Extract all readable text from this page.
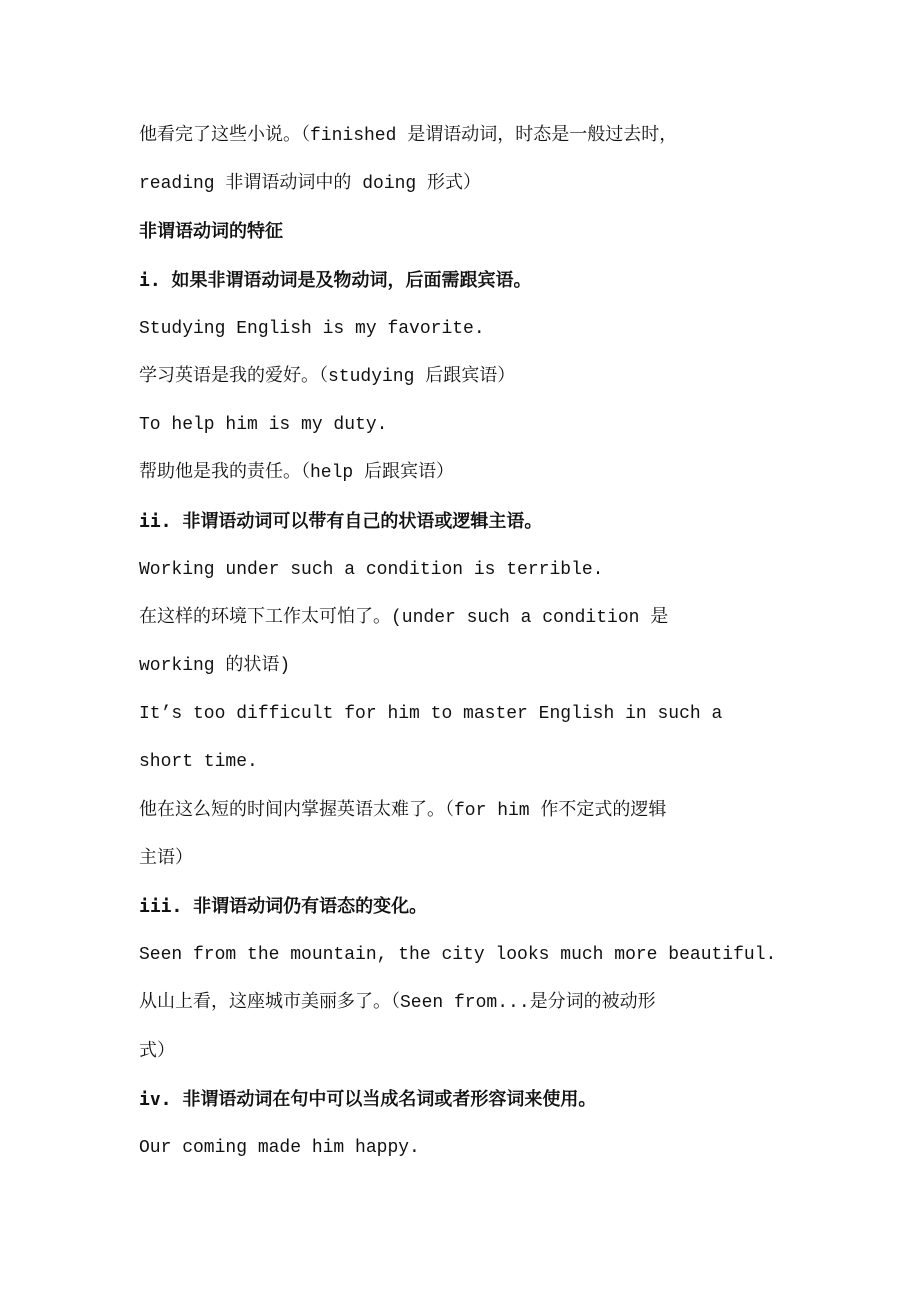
他看完了这些小说。（finished 是谓语动词，时态是一般过去时，
reading 非谓语动词中的 doing 形式）
非谓语动词的特征
i. 如果非谓语动词是及物动词，后面需跟宾语。
Studying English is my favorite.
学习英语是我的爱好。（studying 后跟宾语）
To help him is my duty.
帮助他是我的责任。（help 后跟宾语）
ii. 非谓语动词可以带有自己的状语或逻辑主语。
Working under such a condition is terrible.
在这样的环境下工作太可怕了。(under such a condition 是
working 的状语)
It’s too difficult for him to master English in such a
short time.
他在这么短的时间内掌握英语太难了。（for him 作不定式的逻辑
主语）
iii. 非谓语动词仍有语态的变化。
Seen from the mountain, the city looks much more beautiful.
从山上看，这座城市美丽多了。（Seen from...是分词的被动形
式）
iv. 非谓语动词在句中可以当成名词或者形容词来使用。
Our coming made him happy.
